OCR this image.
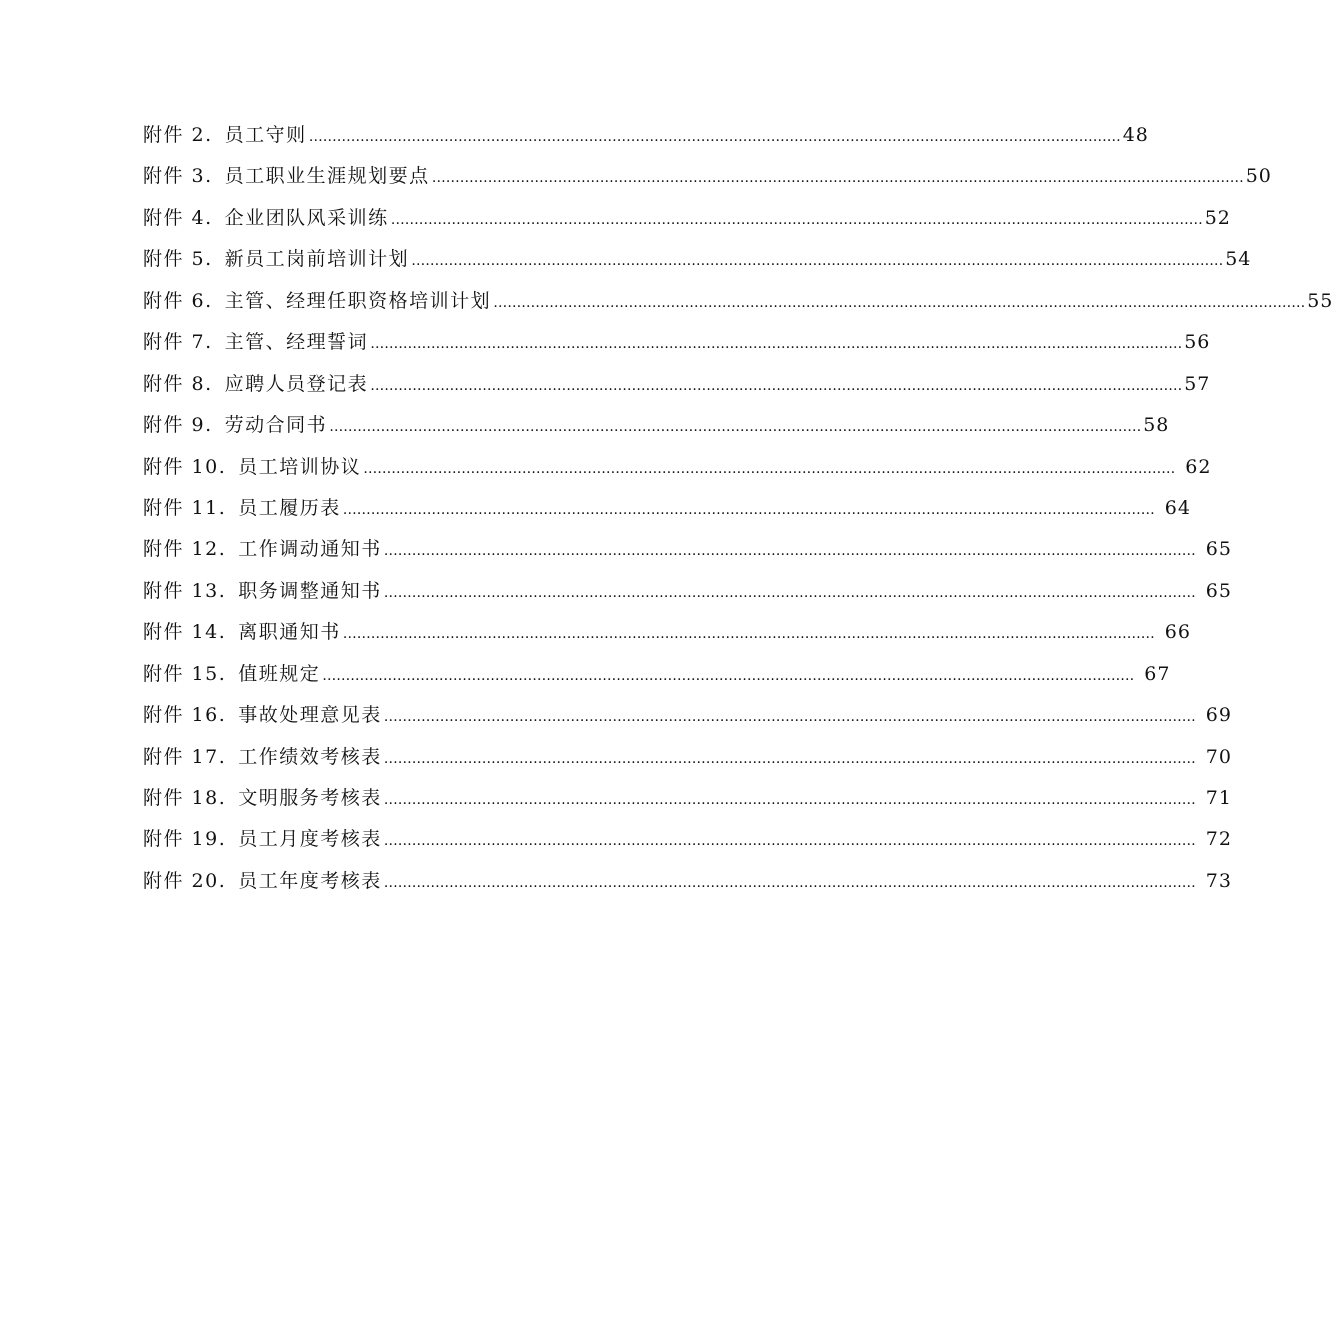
附件 2. 员工守则 ………………………………………………………………………………………………………………………………………………………… 48
附件 3. 员工职业生涯规划要点 ………………………………………………………………………………………………………………………………………………………… 50
附件 4. 企业团队风采训练 ………………………………………………………………………………………………………………………………………………………… 52
附件 5. 新员工岗前培训计划 ………………………………………………………………………………………………………………………………………………………… 54
附件 6. 主管、经理任职资格培训计划 ………………………………………………………………………………………………………………………………………………………… 55
附件 7. 主管、经理誓词 ………………………………………………………………………………………………………………………………………………………… 56
附件 8. 应聘人员登记表 ………………………………………………………………………………………………………………………………………………………… 57
附件 9. 劳动合同书 ………………………………………………………………………………………………………………………………………………………… 58
附件 10. 员工培训协议 ………………………………………………………………………………………………………………………………………………………… 62
附件 11. 员工履历表 ………………………………………………………………………………………………………………………………………………………… 64
附件 12. 工作调动通知书 ………………………………………………………………………………………………………………………………………………………… 65
附件 13. 职务调整通知书 ………………………………………………………………………………………………………………………………………………………… 65
附件 14. 离职通知书 ………………………………………………………………………………………………………………………………………………………… 66
附件 15. 值班规定 ………………………………………………………………………………………………………………………………………………………… 67
附件 16. 事故处理意见表 ………………………………………………………………………………………………………………………………………………………… 69
附件 17. 工作绩效考核表 ………………………………………………………………………………………………………………………………………………………… 70
附件 18. 文明服务考核表 ………………………………………………………………………………………………………………………………………………………… 71
附件 19. 员工月度考核表 ………………………………………………………………………………………………………………………………………………………… 72
附件 20. 员工年度考核表 ………………………………………………………………………………………………………………………………………………………… 73
